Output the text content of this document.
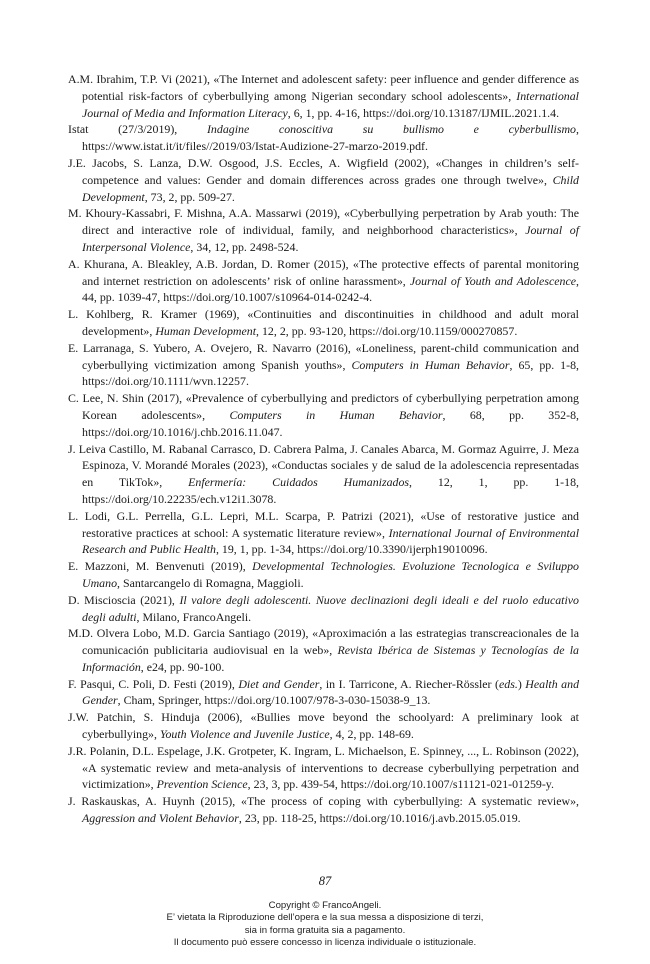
A.M. Ibrahim, T.P. Vi (2021), «The Internet and adolescent safety: peer influence and gender difference as potential risk-factors of cyberbullying among Nigerian secondary school adolescents», International Journal of Media and Information Literacy, 6, 1, pp. 4-16, https://doi.org/10.13187/IJMIL.2021.1.4.

Istat (27/3/2019), Indagine conoscitiva su bullismo e cyberbullismo, https://www.istat.it/it/files//2019/03/Istat-Audizione-27-marzo-2019.pdf.

J.E. Jacobs, S. Lanza, D.W. Osgood, J.S. Eccles, A. Wigfield (2002), «Changes in children’s self-competence and values: Gender and domain differences across grades one through twelve», Child Development, 73, 2, pp. 509-27.

M. Khoury-Kassabri, F. Mishna, A.A. Massarwi (2019), «Cyberbullying perpetration by Arab youth: The direct and interactive role of individual, family, and neighborhood characteristics», Journal of Interpersonal Violence, 34, 12, pp. 2498-524.

A. Khurana, A. Bleakley, A.B. Jordan, D. Romer (2015), «The protective effects of parental monitoring and internet restriction on adolescents’ risk of online harassment», Journal of Youth and Adolescence, 44, pp. 1039-47, https://doi.org/10.1007/s10964-014-0242-4.

L. Kohlberg, R. Kramer (1969), «Continuities and discontinuities in childhood and adult moral development», Human Development, 12, 2, pp. 93-120, https://doi.org/10.1159/000270857.

E. Larranaga, S. Yubero, A. Ovejero, R. Navarro (2016), «Loneliness, parent-child communication and cyberbullying victimization among Spanish youths», Computers in Human Behavior, 65, pp. 1-8, https://doi.org/10.1111/wvn.12257.

C. Lee, N. Shin (2017), «Prevalence of cyberbullying and predictors of cyberbullying perpetration among Korean adolescents», Computers in Human Behavior, 68, pp. 352-8, https://doi.org/10.1016/j.chb.2016.11.047.

J. Leiva Castillo, M. Rabanal Carrasco, D. Cabrera Palma, J. Canales Abarca, M. Gormaz Aguirre, J. Meza Espinoza, V. Morandé Morales (2023), «Conductas sociales y de salud de la adolescencia representadas en TikTok», Enfermería: Cuidados Humanizados, 12, 1, pp. 1-18, https://doi.org/10.22235/ech.v12i1.3078.

L. Lodi, G.L. Perrella, G.L. Lepri, M.L. Scarpa, P. Patrizi (2021), «Use of restorative justice and restorative practices at school: A systematic literature review», International Journal of Environmental Research and Public Health, 19, 1, pp. 1-34, https://doi.org/10.3390/ijerph19010096.

E. Mazzoni, M. Benvenuti (2019), Developmental Technologies. Evoluzione Tecnologica e Sviluppo Umano, Santarcangelo di Romagna, Maggioli.

D. Miscioscia (2021), Il valore degli adolescenti. Nuove declinazioni degli ideali e del ruolo educativo degli adulti, Milano, FrancoAngeli.

M.D. Olvera Lobo, M.D. Garcia Santiago (2019), «Aproximación a las estrategias transcreacionales de la comunicación publicitaria audiovisual en la web», Revista Ibérica de Sistemas y Tecnologías de la Información, e24, pp. 90-100.

F. Pasqui, C. Poli, D. Festi (2019), Diet and Gender, in I. Tarricone, A. Riecher-Rössler (eds.) Health and Gender, Cham, Springer, https://doi.org/10.1007/978-3-030-15038-9_13.

J.W. Patchin, S. Hinduja (2006), «Bullies move beyond the schoolyard: A preliminary look at cyberbullying», Youth Violence and Juvenile Justice, 4, 2, pp. 148-69.

J.R. Polanin, D.L. Espelage, J.K. Grotpeter, K. Ingram, L. Michaelson, E. Spinney, ..., L. Robinson (2022), «A systematic review and meta-analysis of interventions to decrease cyberbullying perpetration and victimization», Prevention Science, 23, 3, pp. 439-54, https://doi.org/10.1007/s11121-021-01259-y.

J. Raskauskas, A. Huynh (2015), «The process of coping with cyberbullying: A systematic review», Aggression and Violent Behavior, 23, pp. 118-25, https://doi.org/10.1016/j.avb.2015.05.019.

87
Copyright © FrancoAngeli.
E’ vietata la Riproduzione dell’opera e la sua messa a disposizione di terzi,
sia in forma gratuita sia a pagamento.
Il documento può essere concesso in licenza individuale o istituzionale.
